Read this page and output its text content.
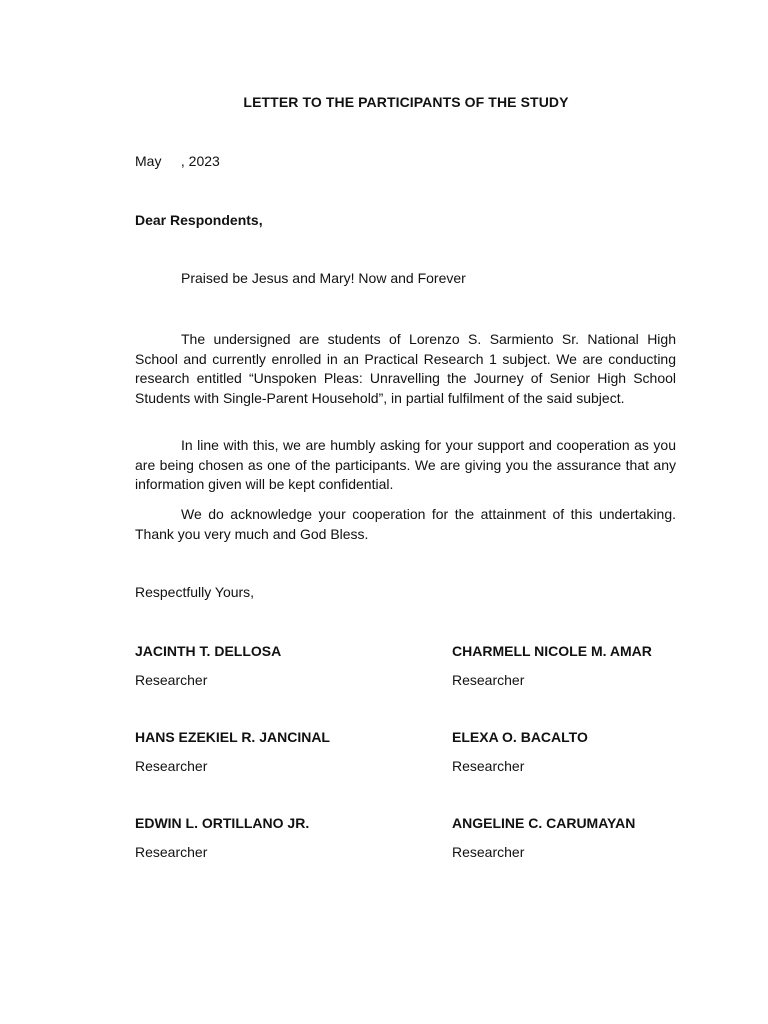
LETTER TO THE PARTICIPANTS OF THE STUDY
May     , 2023
Dear Respondents,
Praised be Jesus and Mary! Now and Forever

The undersigned are students of Lorenzo S. Sarmiento Sr. National High School and currently enrolled in an Practical Research 1 subject. We are conducting research entitled “Unspoken Pleas: Unravelling the Journey of Senior High School Students with Single-Parent Household”, in partial fulfilment of the said subject.

In line with this, we are humbly asking for your support and cooperation as you are being chosen as one of the participants. We are giving you the assurance that any information given will be kept confidential.

We do acknowledge your cooperation for the attainment of this undertaking. Thank you very much and God Bless.

Respectfully Yours,
JACINTH T. DELLOSA
Researcher
CHARMELL NICOLE M. AMAR
Researcher
HANS EZEKIEL R. JANCINAL
Researcher
ELEXA O. BACALTO
Researcher
EDWIN L. ORTILLANO JR.
Researcher
ANGELINE C. CARUMAYAN
Researcher
